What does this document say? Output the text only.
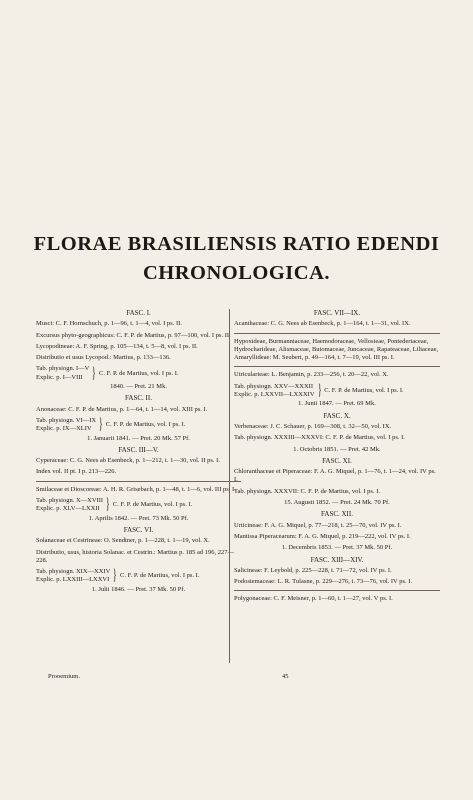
FLORAE BRASILIENSIS RATIO EDENDI
CHRONOLOGICA.
FASC. I.
Musci: C. F. Hornschuch, p. 1—96, t. 1—4, vol. I ps. II.
Excursus phyto-geographicus: C. F. P. de Martius, p. 97—100, vol. I ps. II.
Lycopodineae: A. F. Spring, p. 105—134, t. 5—8, vol. I ps. II.
Distributio et usus Lycopod.: Martius, p. 133—136.
Tab. physiogn. I—V
Explic. p. I—VIII } C. F. P. de Martius, vol. I ps. I.
1840. — Pret. 21 Mk.
FASC. II.
Anonaceae: C. F. P. de Martius, p. 1—64, t. 1—14, vol. XIII ps. I.
Tab. physiogn. VI—IX
Explic. p. IX—XLIV } C. F. P. de Martius, vol. I ps. I.
1. Januarii 1841. — Pret. 20 Mk. 57 Pf.
FASC. III—V.
Cyperaceae: C. G. Nees ab Esenbeck, p. 1—212, t. 1—30, vol. II ps. I.
Index vol. II pt. I p. 213—226.
Smilaceae et Dioscoreae: A. H. R. Grisebach, p. 1—48, t. 1—6, vol. III ps. I.
Tab. physiogn. X—XVIII
Explic. p. XLV—LXXII } C. F. P. de Martius, vol. I ps. I.
1. Aprilis 1842. — Pret. 73 Mk. 50 Pf.
FASC. VI.
Solanaceae et Cestrineae: O. Sendtner, p. 1—228, t. 1—19, vol. X.
Distributio, usus, historia Solanac. et Cestrin.: Martius p. 185 ad 196, 227—228.
Tab. physiogn. XIX—XXIV
Explic. p. LXXIII—LXXVI } C. F. P. de Martius, vol. I ps. I.
1. Julii 1846. — Pret. 37 Mk. 50 Pf.
FASC. VII—IX.
Acanthaceae: C. G. Nees ab Esenbeck, p. 1—164, t. 1—31, vol. IX.
Hypoxideae, Burmanniaceae, Haemodoraceae, Vellosieae, Pontederiaceae, Hydrocharideae, Alismaceae, Butomaceae, Juncaceae, Rapateaceae, Liliaceae, Amaryllideae: M. Seubert, p. 49—164, t. 7—19, vol. III ps. I.
Utricularieae: L. Benjamin, p. 233—256, t. 20—22, vol. X.
Tab. physiogn. XXV—XXXII
Explic. p. LXXVII—LXXXIV } C. F. P. de Martius, vol. I ps. I.
1. Junii 1847. — Pret. 69 Mk.
FASC. X.
Verbenaceae: J. C. Schauer, p. 169—308, t. 32—50, vol. IX.
Tab. physiogn. XXXIII—XXXVI: C. F. P. de Martius, vol. I ps. I.
1. Octobris 1851. — Pret. 42 Mk.
FASC. XI.
Chloranthaceae et Piperaceae: F. A. G. Miquel, p. 1—76, t. 1—24, vol. IV ps. I.
Tab. physiogn. XXXVII: C. F. P. de Martius, vol. I ps. I.
15. Augusti 1852. — Pret. 24 Mk. 70 Pf.
FASC. XII.
Urticineae: F. A. G. Miquel, p. 77—218, t. 25—70, vol. IV ps. I.
Mantissa Piperacearum: F. A. G. Miquel, p. 219—222, vol. IV ps. I.
1. Decembris 1853. — Pret. 37 Mk. 50 Pf.
FASC. XIII—XIV.
Salicineae: F. Leybold, p. 225—228, t. 71—72, vol. IV ps. I.
Podostemaceae: L. R. Tulasne, p. 229—276, t. 73—76, vol. IV ps. I.
Polygonaceae: C. F. Meisner, p. 1—60, t. 1—27, vol. V ps. I.
Prooemium.	45
